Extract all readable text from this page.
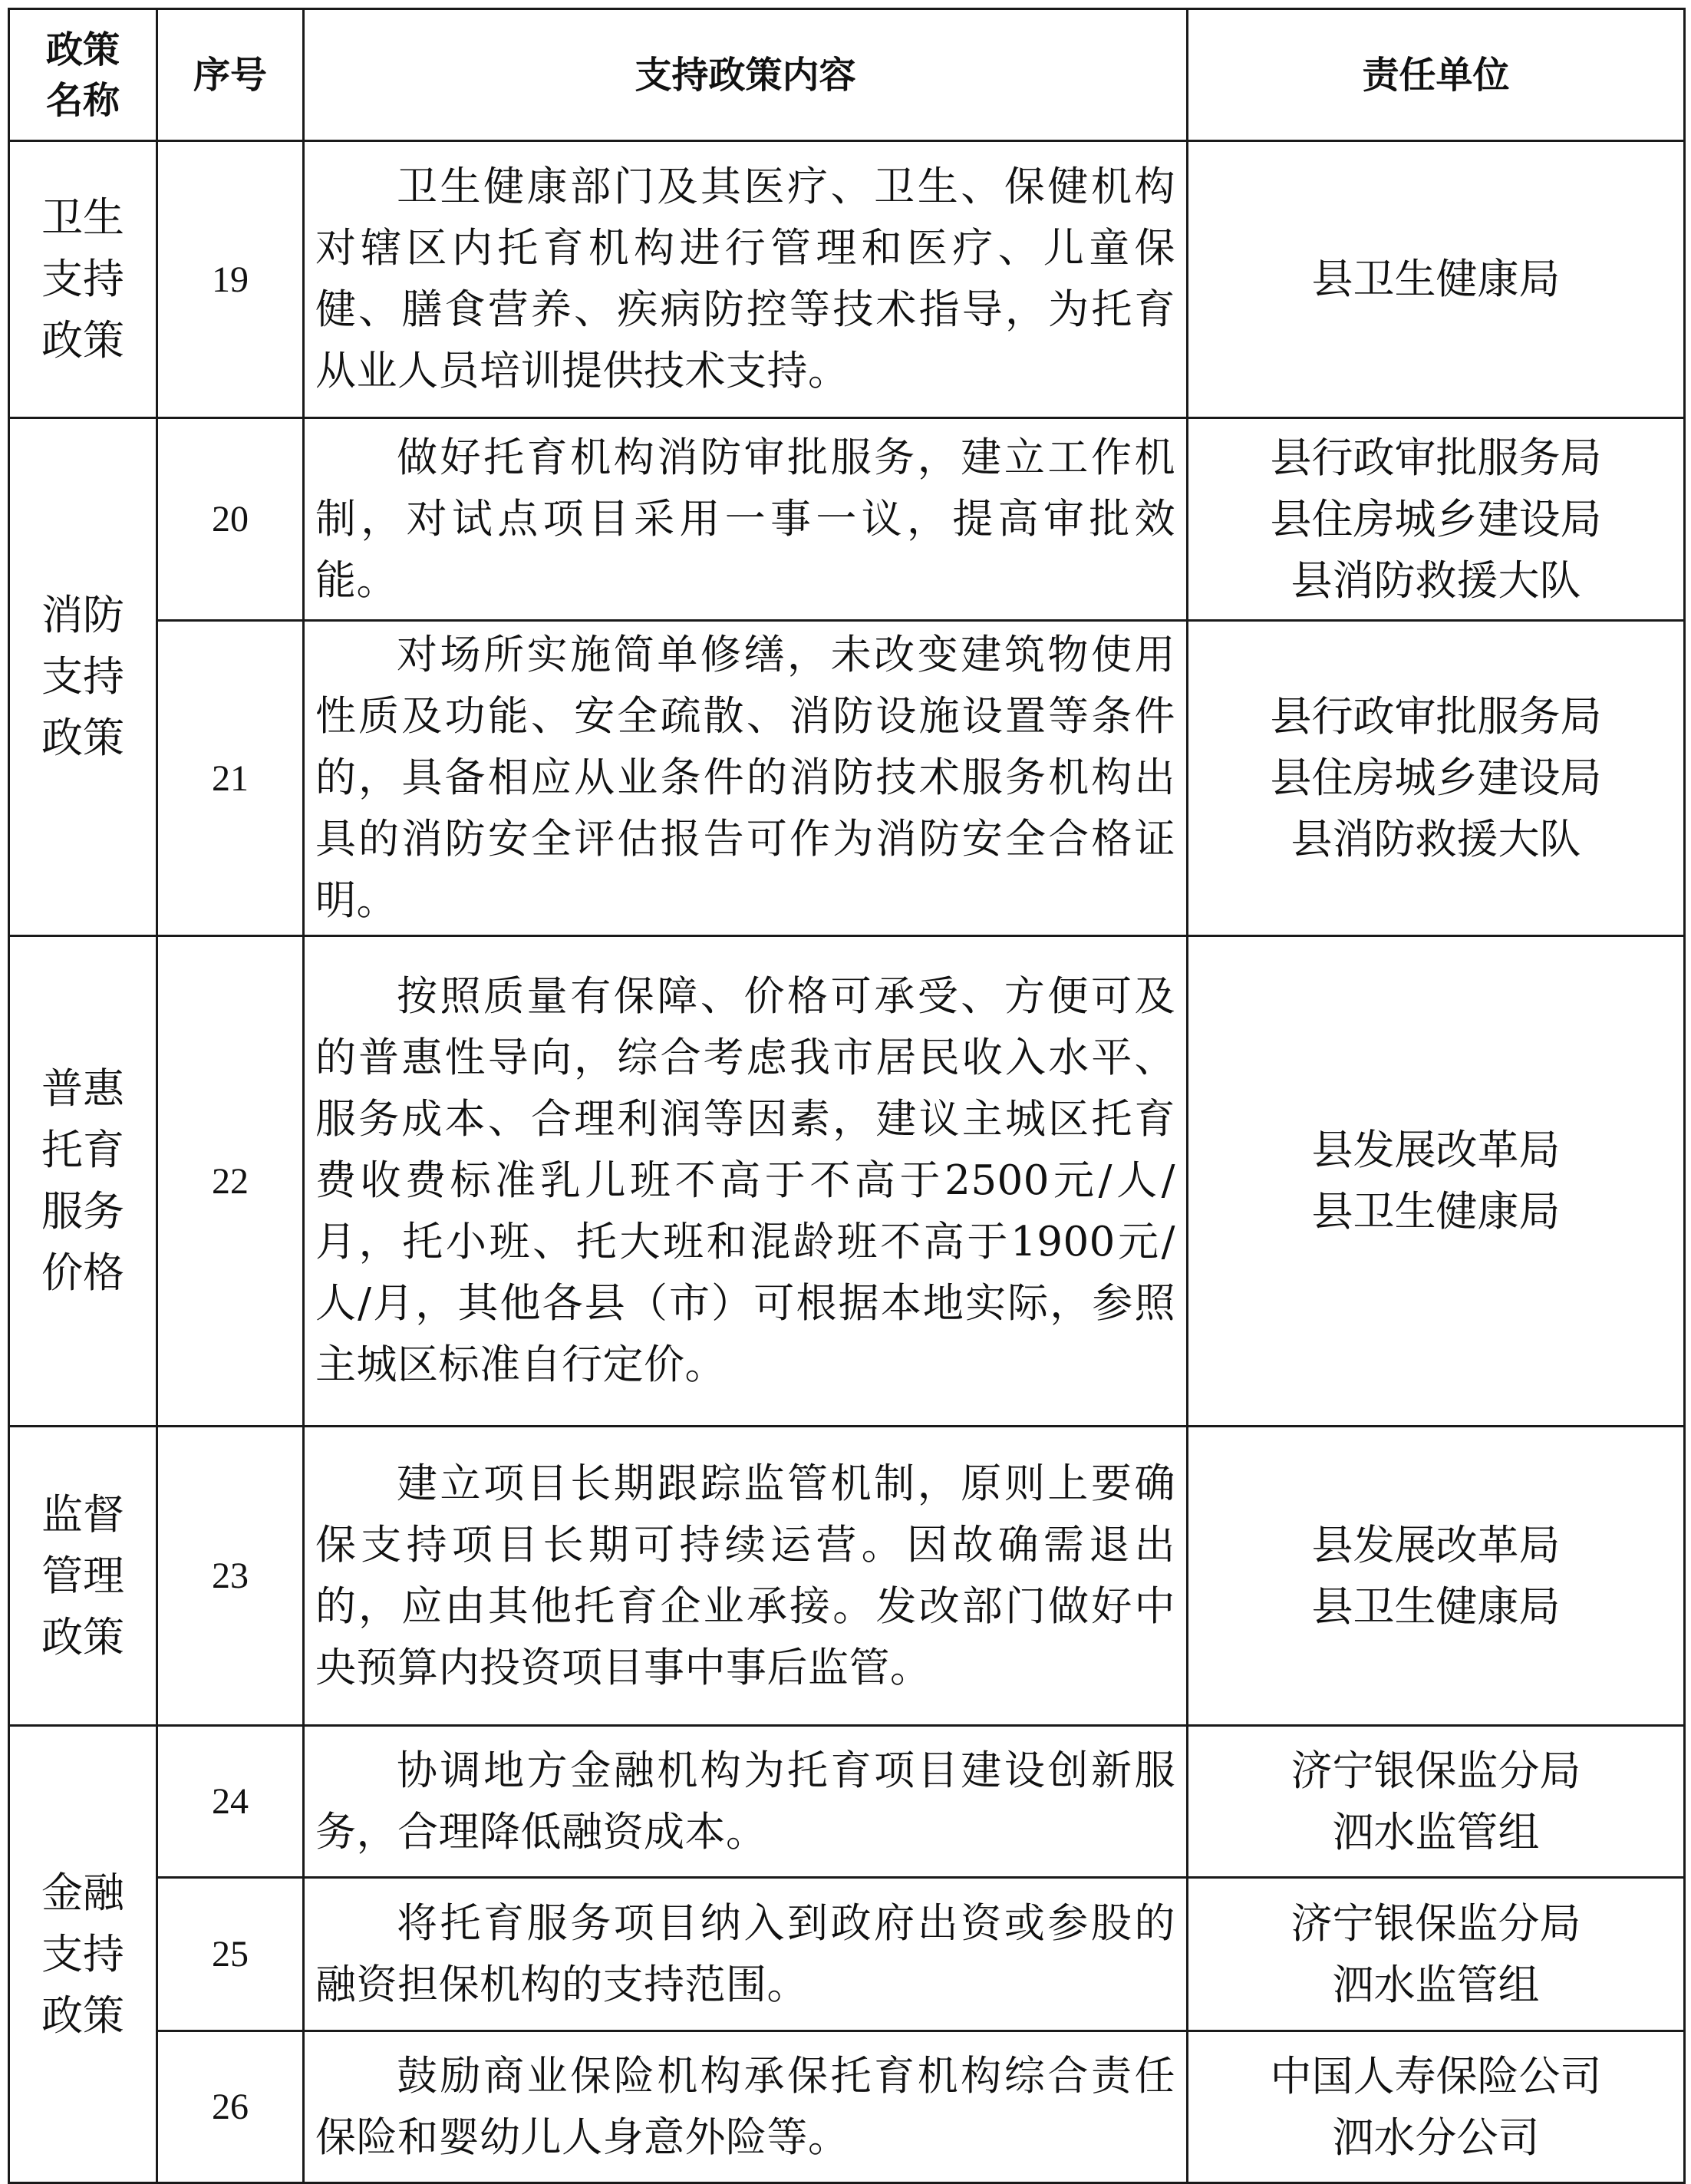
政策
名称	序号	支持政策内容	责任单位

卫生
支持
政策	19	卫生健康部门及其医疗、卫生、保健机构对辖区内托育机构进行管理和医疗、儿童保健、膳食营养、疾病防控等技术指导，为托育从业人员培训提供技术支持。	县卫生健康局

消防
支持
政策	20	做好托育机构消防审批服务，建立工作机制，对试点项目采用一事一议，提高审批效能。	县行政审批服务局
县住房城乡建设局
县消防救援大队

	21	对场所实施简单修缮，未改变建筑物使用性质及功能、安全疏散、消防设施设置等条件的，具备相应从业条件的消防技术服务机构出具的消防安全评估报告可作为消防安全合格证明。	县行政审批服务局
县住房城乡建设局
县消防救援大队

普惠
托育
服务
价格	22	按照质量有保障、价格可承受、方便可及的普惠性导向，综合考虑我市居民收入水平、服务成本、合理利润等因素，建议主城区托育费收费标准乳儿班不高于不高于2500元/人/月，托小班、托大班和混龄班不高于1900元/人/月，其他各县（市）可根据本地实际，参照主城区标准自行定价。	县发展改革局
县卫生健康局

监督
管理
政策	23	建立项目长期跟踪监管机制，原则上要确保支持项目长期可持续运营。因故确需退出的，应由其他托育企业承接。发改部门做好中央预算内投资项目事中事后监管。	县发展改革局
县卫生健康局

金融
支持
政策	24	协调地方金融机构为托育项目建设创新服务，合理降低融资成本。	济宁银保监分局
泗水监管组

	25	将托育服务项目纳入到政府出资或参股的融资担保机构的支持范围。	济宁银保监分局
泗水监管组

	26	鼓励商业保险机构承保托育机构综合责任保险和婴幼儿人身意外险等。	中国人寿保险公司
泗水分公司
